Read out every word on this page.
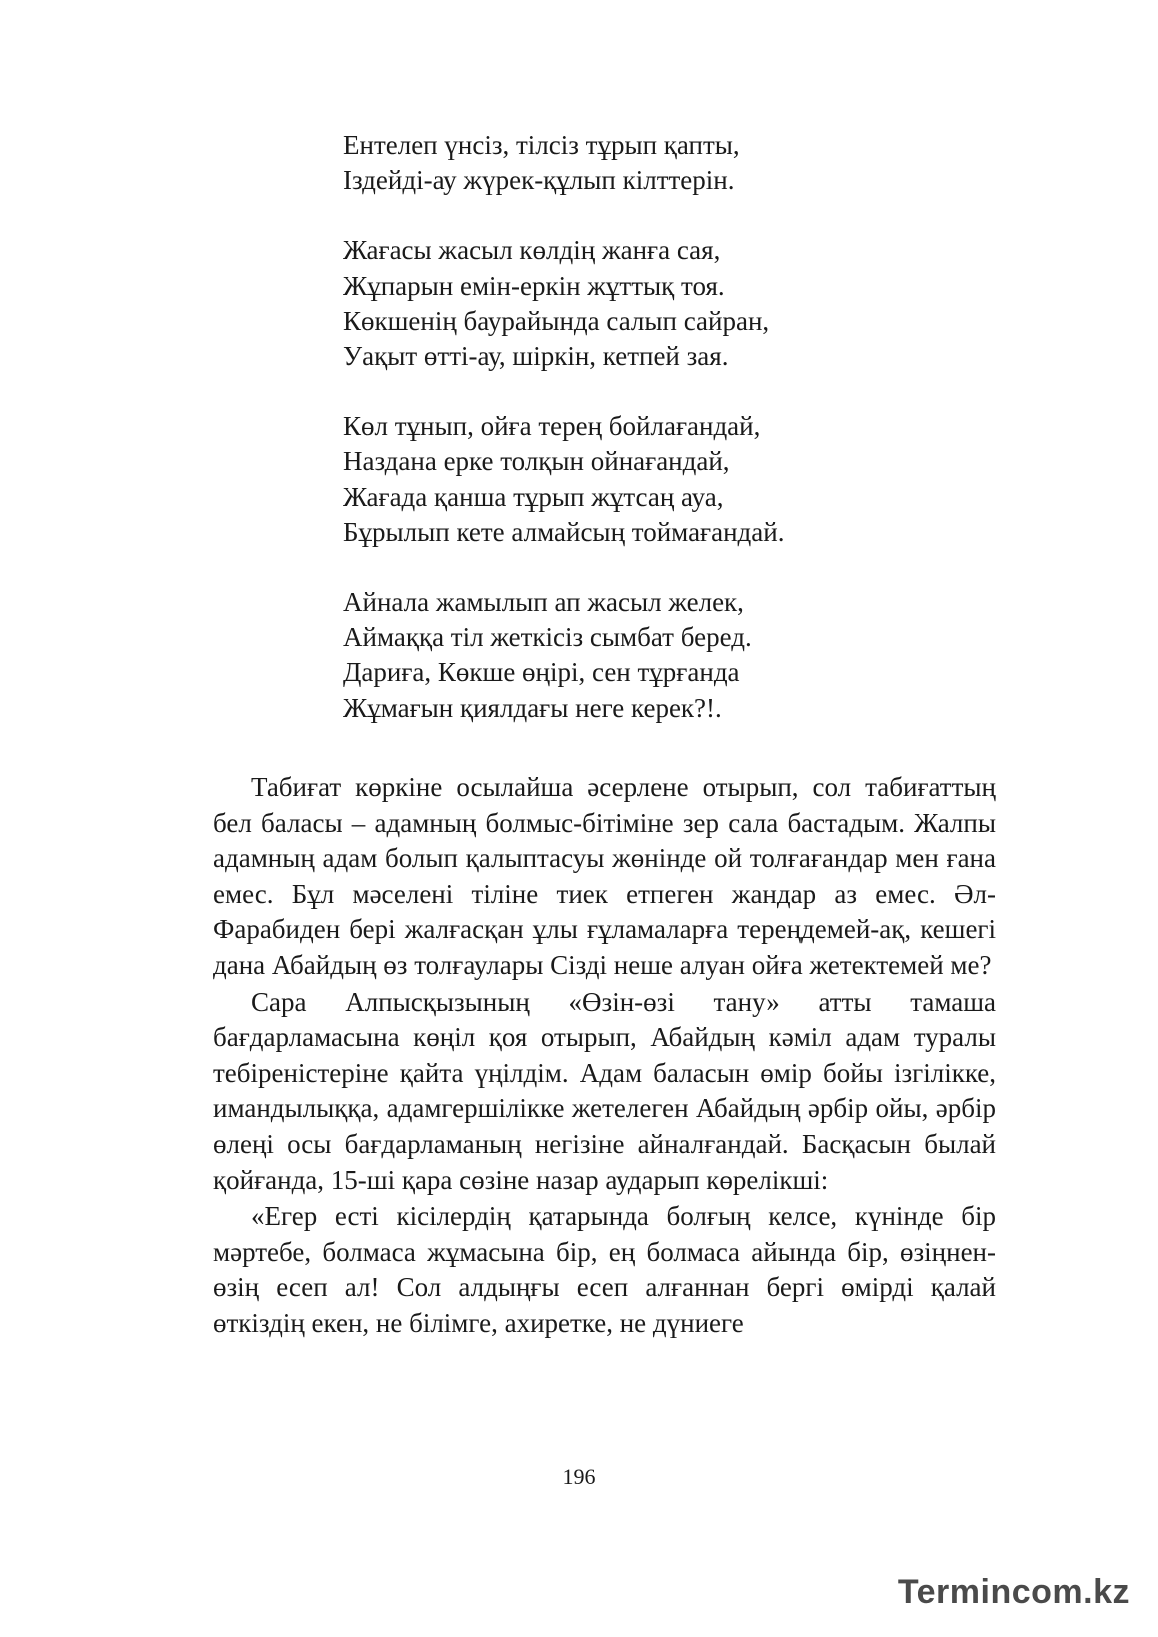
Ентелеп үнсіз, тілсіз тұрып қапты,
Іздейді-ау жүрек-құлып кілттерін.
Жағасы жасыл көлдің жанға сая,
Жұпарын емін-еркін жұттық тоя.
Көкшенің баурайында салып сайран,
Уақыт өтті-ау, шіркін, кетпей зая.
Көл тұнып, ойға терең бойлағандай,
Наздана ерке толқын ойнағандай,
Жағада қанша тұрып жұтсаң ауа,
Бұрылып кете алмайсың тоймағандай.
Айнала жамылып ап жасыл желек,
Аймаққа тіл жеткісіз сымбат беред.
Дариға, Көкше өңірі, сен тұрғанда
Жұмағын қиялдағы неге керек?!.

Табиғат көркіне осылайша әсерлене отырып, сол табиғаттың бел баласы – адамның болмыс-бітіміне зер сала бастадым. Жалпы адамның адам болып қалыптасуы жөнінде ой толғағандар мен ғана емес. Бұл мәселені тіліне тиек етпеген жандар аз емес. Әл-Фарабиден бері жалғасқан ұлы ғұламаларға тереңдемей-ақ, кешегі дана Абайдың өз толғаулары Сізді неше алуан ойға жетектемей ме?

Сара Алпысқызының «Өзін-өзі тану» атты тамаша бағдарламасына көңіл қоя отырып, Абайдың кәміл адам туралы тебіреністеріне қайта үңілдім. Адам баласын өмір бойы ізгілікке, имандылыққа, адамгершілікке жетелеген Абайдың әрбір ойы, әрбір өлеңі осы бағдарламаның негізіне айналғандай. Басқасын былай қойғанда, 15-ші қара сөзіне назар аударып көрелікші:

«Егер есті кісілердің қатарында болғың келсе, күнінде бір мәртебе, болмаса жұмасына бір, ең болмаса айында бір, өзіңнен-өзің есеп ал! Сол алдыңғы есеп алғаннан бергі өмірді қалай өткіздің екен, не білімге, ахиретке, не дүниеге

196
Termincom.kz
